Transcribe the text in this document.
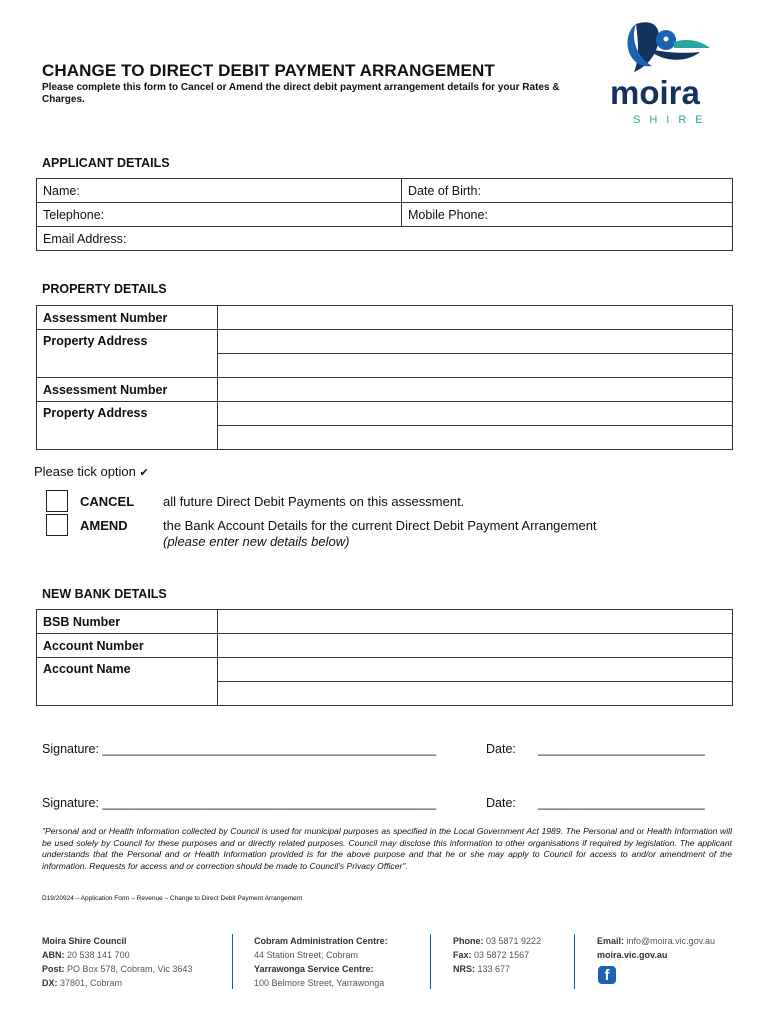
CHANGE TO DIRECT DEBIT PAYMENT ARRANGEMENT
Please complete this form to Cancel or Amend the direct debit payment arrangement details for your Rates & Charges.	moira
SHIRE
APPLICANT DETAILS
Name:	Date of Birth:
Telephone:	Mobile Phone:
Email Address:	
PROPERTY DETAILS
Assessment Number	
Property Address	

Assessment Number	
Property Address	

Please tick option ✔
CANCEL all future Direct Debit Payments on this assessment.
AMEND	the Bank Account Details for the current Direct Debit Payment Arrangement
(please enter new details below)
NEW BANK DETAILS
BSB Number	
Account Number	
Account Name	

Signature: ________________________________________________	Date: ________________________
Signature: ________________________________________________	Date: ________________________
"Personal and or Health Information collected by Council is used for municipal purposes as specified in the Local Government Act 1989. The Personal and or Health Information will be used solely by Council for these purposes and or directly related purposes. Council may disclose this information to other organisations if required by legislation. The applicant understands that the Personal and or Health Information provided is for the above purpose and that he or she may apply to Council for access to and/or amendment of the information. Requests for access and or correction should be made to Council's Privacy Officer".
D19/20924 – Application Form – Revenue – Change to Direct Debit Payment Arrangement
Moira Shire Council
ABN: 20 538 141 700
Post: PO Box 578, Cobram, Vic 3643
DX: 37801, Cobram
Cobram Administration Centre:
44 Station Street, Cobram
Yarrawonga Service Centre:
100 Belmore Street, Yarrawonga
Phone: 03 5871 9222
Fax: 03 5872 1567
NRS: 133 677
Email: info@moira.vic.gov.au
moira.vic.gov.au
f
